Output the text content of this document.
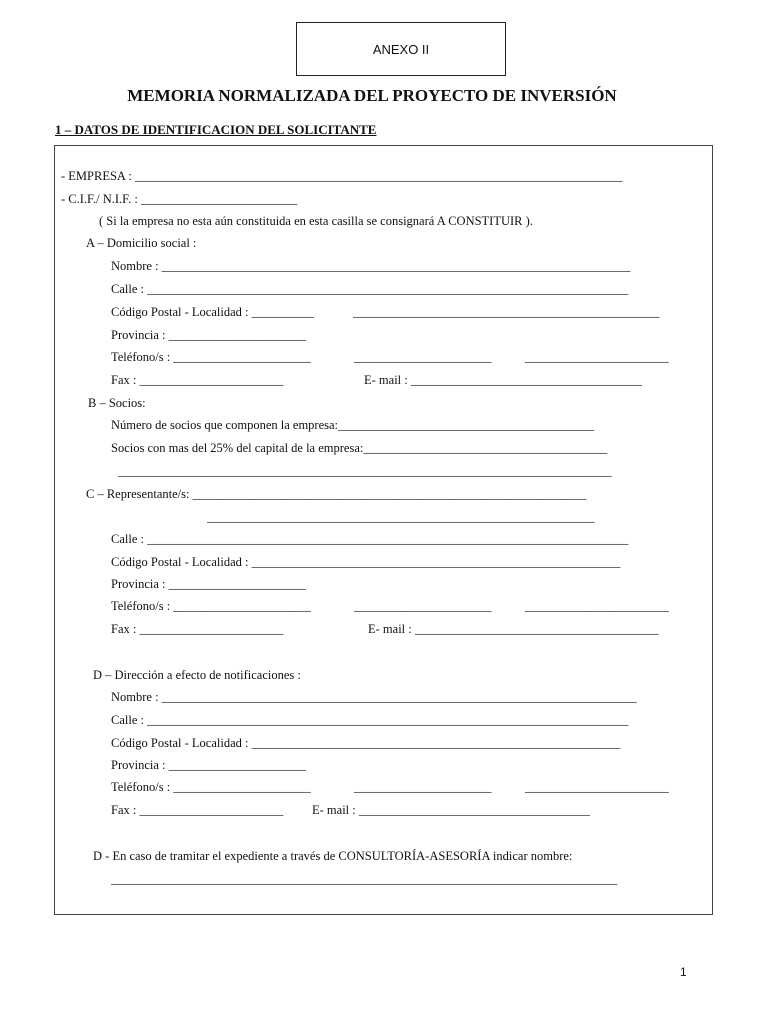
ANEXO II
MEMORIA NORMALIZADA DEL PROYECTO DE INVERSIÓN
1 – DATOS DE IDENTIFICACION DEL SOLICITANTE
- EMPRESA : ______________________________________________________________________________
- C.I.F./ N.I.F. : _________________________
( Si la empresa no esta aún constituida en esta casilla se consignará A CONSTITUIR ).
A – Domicilio social :
Nombre : ___________________________________________________________________________
Calle : _____________________________________________________________________________
Código Postal - Localidad : __________	_________________________________________________
Provincia : ______________________
Teléfono/s : ______________________	______________________	_______________________
Fax : _______________________	E- mail : _____________________________________
B – Socios:
Número de socios que componen la empresa:_________________________________________
Socios con mas del 25% del capital de la empresa:_______________________________________
_______________________________________________________________________________
C – Representante/s: _______________________________________________________________
______________________________________________________________
Calle : _____________________________________________________________________________
Código Postal - Localidad : ___________________________________________________________
Provincia : ______________________
Teléfono/s : ______________________	______________________	_______________________
Fax : _______________________	E- mail : _______________________________________
D – Dirección a efecto de notificaciones :
Nombre : ____________________________________________________________________________
Calle : _____________________________________________________________________________
Código Postal - Localidad : ___________________________________________________________
Provincia : ______________________
Teléfono/s : ______________________	______________________	_______________________
Fax : _______________________ E- mail : _____________________________________
D - En caso de tramitar el expediente a través de CONSULTORÍA-ASESORÍA indicar nombre:
_________________________________________________________________________________
1
